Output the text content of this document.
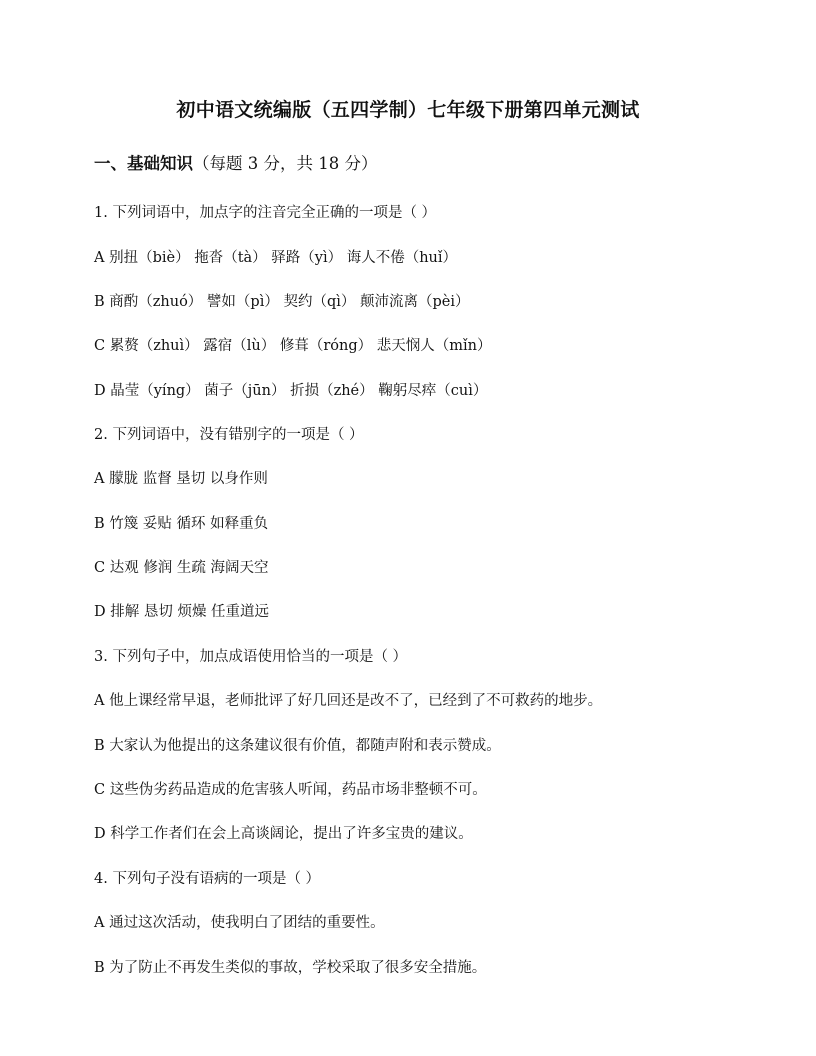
初中语文统编版（五四学制）七年级下册第四单元测试
一、基础知识（每题 3 分，共 18 分）
1. 下列词语中，加点字的注音完全正确的一项是（ ）
A 别扭（biè） 拖沓（tà） 驿路（yì） 诲人不倦（huǐ）
B 商酌（zhuó） 譬如（pì） 契约（qì） 颠沛流离（pèi）
C 累赘（zhuì） 露宿（lù） 修葺（róng） 悲天悯人（mǐn）
D 晶莹（yíng） 菌子（jūn） 折损（zhé） 鞠躬尽瘁（cuì）
2. 下列词语中，没有错别字的一项是（ ）
A 朦胧 监督 垦切 以身作则
B 竹篾 妥贴 循环 如释重负
C 达观 修润 生疏 海阔天空
D 排解 恳切 烦燥 任重道远
3. 下列句子中，加点成语使用恰当的一项是（ ）
A 他上课经常早退，老师批评了好几回还是改不了，已经到了不可救药的地步。
B 大家认为他提出的这条建议很有价值，都随声附和表示赞成。
C 这些伪劣药品造成的危害骇人听闻，药品市场非整顿不可。
D 科学工作者们在会上高谈阔论，提出了许多宝贵的建议。
4. 下列句子没有语病的一项是（ ）
A 通过这次活动，使我明白了团结的重要性。
B 为了防止不再发生类似的事故，学校采取了很多安全措施。
